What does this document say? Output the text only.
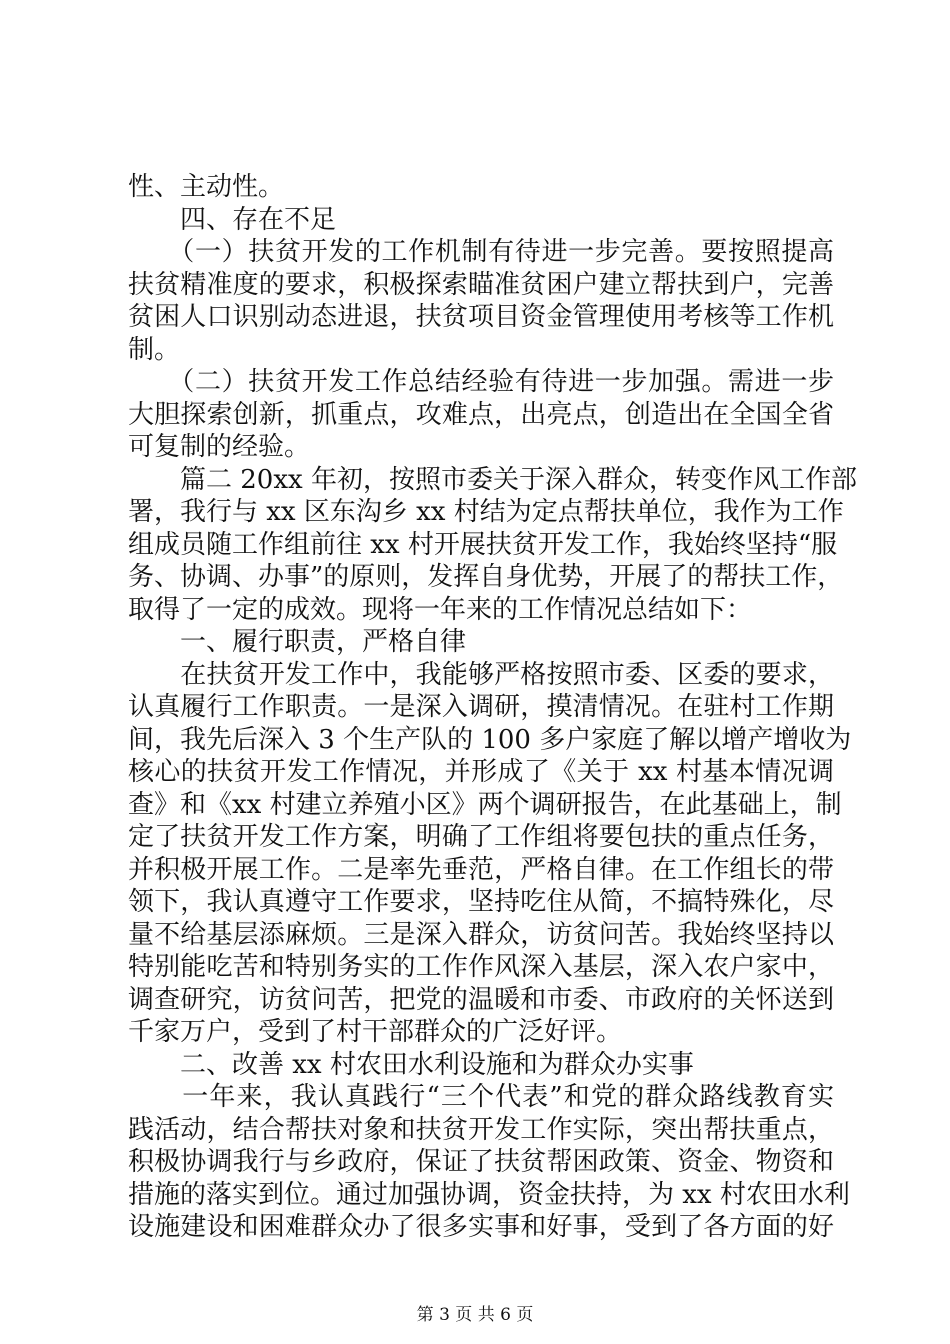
性、主动性。
　　四、存在不足
　　（一）扶贫开发的工作机制有待进一步完善。要按照提高
扶贫精准度的要求，积极探索瞄准贫困户建立帮扶到户，完善
贫困人口识别动态进退，扶贫项目资金管理使用考核等工作机
制。
　　（二）扶贫开发工作总结经验有待进一步加强。需进一步
大胆探索创新，抓重点，攻难点，出亮点，创造出在全国全省
可复制的经验。
　　篇二 20xx 年初，按照市委关于深入群众，转变作风工作部
署，我行与 xx 区东沟乡 xx 村结为定点帮扶单位，我作为工作
组成员随工作组前往 xx 村开展扶贫开发工作，我始终坚持“服
务、协调、办事”的原则，发挥自身优势，开展了的帮扶工作，
取得了一定的成效。现将一年来的工作情况总结如下：
　　一、履行职责，严格自律
　　在扶贫开发工作中，我能够严格按照市委、区委的要求，
认真履行工作职责。一是深入调研，摸清情况。在驻村工作期
间，我先后深入 3 个生产队的 100 多户家庭了解以增产增收为
核心的扶贫开发工作情况，并形成了《关于 xx 村基本情况调
查》和《xx 村建立养殖小区》两个调研报告，在此基础上，制
定了扶贫开发工作方案，明确了工作组将要包扶的重点任务，
并积极开展工作。二是率先垂范，严格自律。在工作组长的带
领下，我认真遵守工作要求，坚持吃住从简，不搞特殊化，尽
量不给基层添麻烦。三是深入群众，访贫问苦。我始终坚持以
特别能吃苦和特别务实的工作作风深入基层，深入农户家中，
调查研究，访贫问苦，把党的温暖和市委、市政府的关怀送到
千家万户，受到了村干部群众的广泛好评。
　　二、改善 xx 村农田水利设施和为群众办实事
　　一年来，我认真践行“三个代表”和党的群众路线教育实
践活动，结合帮扶对象和扶贫开发工作实际，突出帮扶重点，
积极协调我行与乡政府，保证了扶贫帮困政策、资金、物资和
措施的落实到位。通过加强协调，资金扶持，为 xx 村农田水利
设施建设和困难群众办了很多实事和好事，受到了各方面的好
第 3 页 共 6 页
